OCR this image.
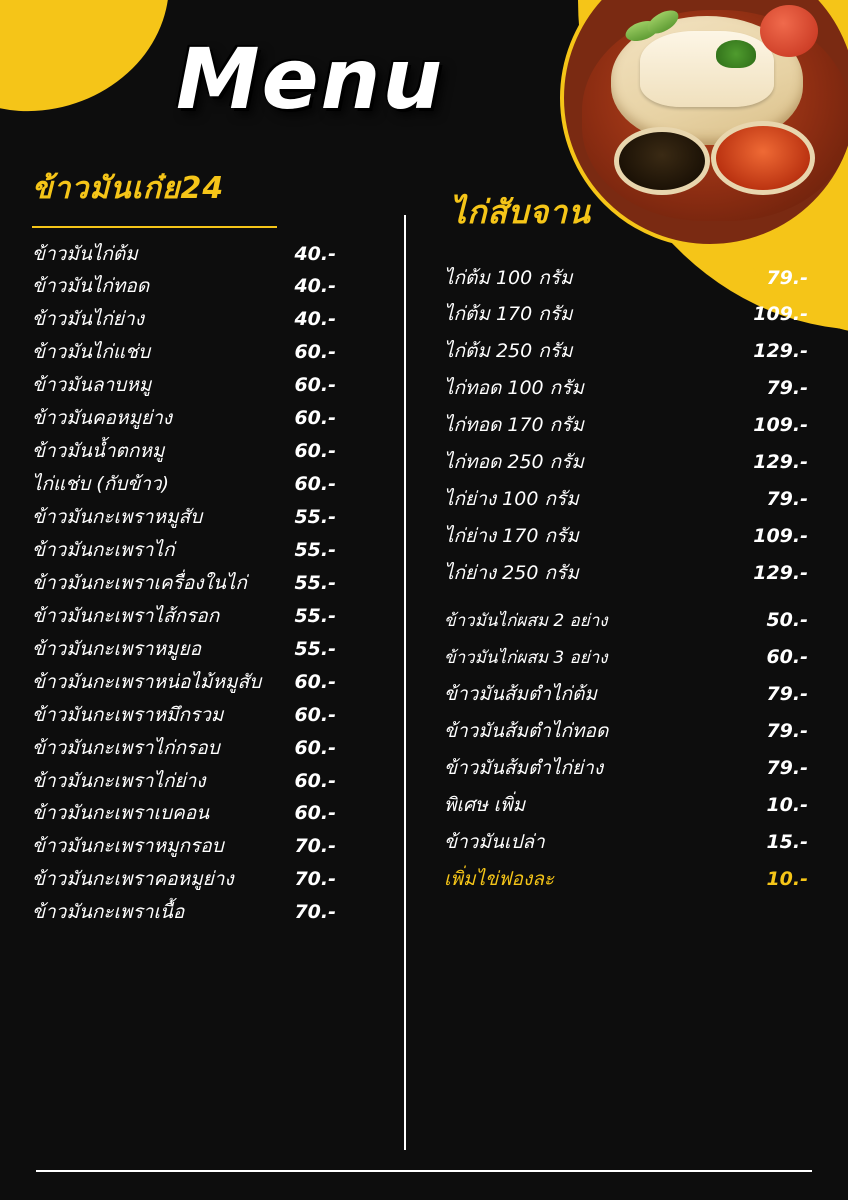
Menu
ข้าวมันเก๋ย24
ข้าวมันไก่ต้ม	40.-
ข้าวมันไก่ทอด	40.-
ข้าวมันไก่ย่าง	40.-
ข้าวมันไก่แช่บ	60.-
ข้าวมันลาบหมู	60.-
ข้าวมันคอหมูย่าง	60.-
ข้าวมันน้ำตกหมู	60.-
ไก่แช่บ (กับข้าว)	60.-
ข้าวมันกะเพราหมูสับ	55.-
ข้าวมันกะเพราไก่	55.-
ข้าวมันกะเพราเครื่องในไก่	55.-
ข้าวมันกะเพราไส้กรอก	55.-
ข้าวมันกะเพราหมูยอ	55.-
ข้าวมันกะเพราหน่อไม้หมูสับ	60.-
ข้าวมันกะเพราหมึกรวม	60.-
ข้าวมันกะเพราไก่กรอบ	60.-
ข้าวมันกะเพราไก่ย่าง	60.-
ข้าวมันกะเพราเบคอน	60.-
ข้าวมันกะเพราหมูกรอบ	70.-
ข้าวมันกะเพราคอหมูย่าง	70.-
ข้าวมันกะเพราเนื้อ	70.-
ไก่สับจาน
ไก่ต้ม 100 กรัม	79.-
ไก่ต้ม 170 กรัม	109.-
ไก่ต้ม 250 กรัม	129.-
ไก่ทอด 100 กรัม	79.-
ไก่ทอด 170 กรัม	109.-
ไก่ทอด 250 กรัม	129.-
ไก่ย่าง 100 กรัม	79.-
ไก่ย่าง 170 กรัม	109.-
ไก่ย่าง 250 กรัม	129.-
ข้าวมันไก่ผสม 2 อย่าง	50.-
ข้าวมันไก่ผสม 3 อย่าง	60.-
ข้าวมันส้มตำไก่ต้ม	79.-
ข้าวมันส้มตำไก่ทอด	79.-
ข้าวมันส้มตำไก่ย่าง	79.-
พิเศษ เพิ่ม	10.-
ข้าวมันเปล่า	15.-
เพิ่มไข่ฟองละ	10.-
